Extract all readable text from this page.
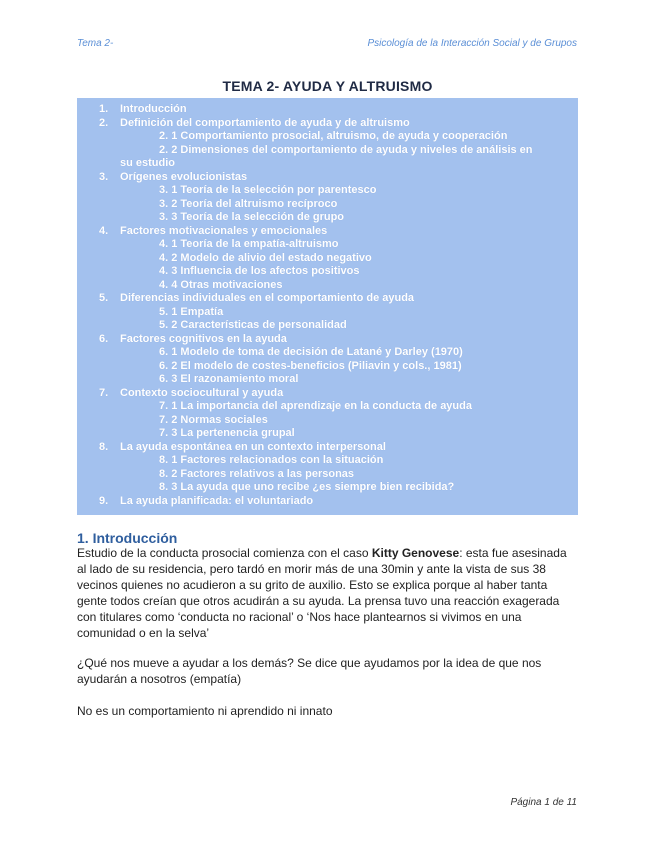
Tema 2-	Psicología de la Interacción Social y de Grupos
TEMA 2- AYUDA Y ALTRUISMO
1. Introducción
2. Definición del comportamiento de ayuda y de altruismo
2. 1 Comportamiento prosocial, altruismo, de ayuda y cooperación
2. 2 Dimensiones del comportamiento de ayuda y niveles de análisis en
su estudio
3. Orígenes evolucionistas
3. 1 Teoría de la selección por parentesco
3. 2 Teoría del altruismo recíproco
3. 3 Teoría de la selección de grupo
4. Factores motivacionales y emocionales
4. 1 Teoría de la empatía-altruismo
4. 2 Modelo de alivio del estado negativo
4. 3 Influencia de los afectos positivos
4. 4 Otras motivaciones
5. Diferencias individuales en el comportamiento de ayuda
5. 1 Empatía
5. 2 Características de personalidad
6. Factores cognitivos en la ayuda
6. 1 Modelo de toma de decisión de Latané y Darley (1970)
6. 2 El modelo de costes-beneficios (Piliavin y cols., 1981)
6. 3 El razonamiento moral
7. Contexto sociocultural y ayuda
7. 1 La importancia del aprendizaje en la conducta de ayuda
7. 2 Normas sociales
7. 3 La pertenencia grupal
8. La ayuda espontánea en un contexto interpersonal
8. 1 Factores relacionados con la situación
8. 2 Factores relativos a las personas
8. 3 La ayuda que uno recibe ¿es siempre bien recibida?
9. La ayuda planificada: el voluntariado
1. Introducción
Estudio de la conducta prosocial comienza con el caso Kitty Genovese: esta fue asesinada al lado de su residencia, pero tardó en morir más de una 30min y ante la vista de sus 38 vecinos quienes no acudieron a su grito de auxilio. Esto se explica porque al haber tanta gente todos creían que otros acudirán a su ayuda. La prensa tuvo una reacción exagerada con titulares como ‘conducta no racional’ o ‘Nos hace plantearnos si vivimos en una comunidad o en la selva’
¿Qué nos mueve a ayudar a los demás? Se dice que ayudamos por la idea de que nos ayudarán a nosotros (empatía)
No es un comportamiento ni aprendido ni innato
Página 1 de 11
